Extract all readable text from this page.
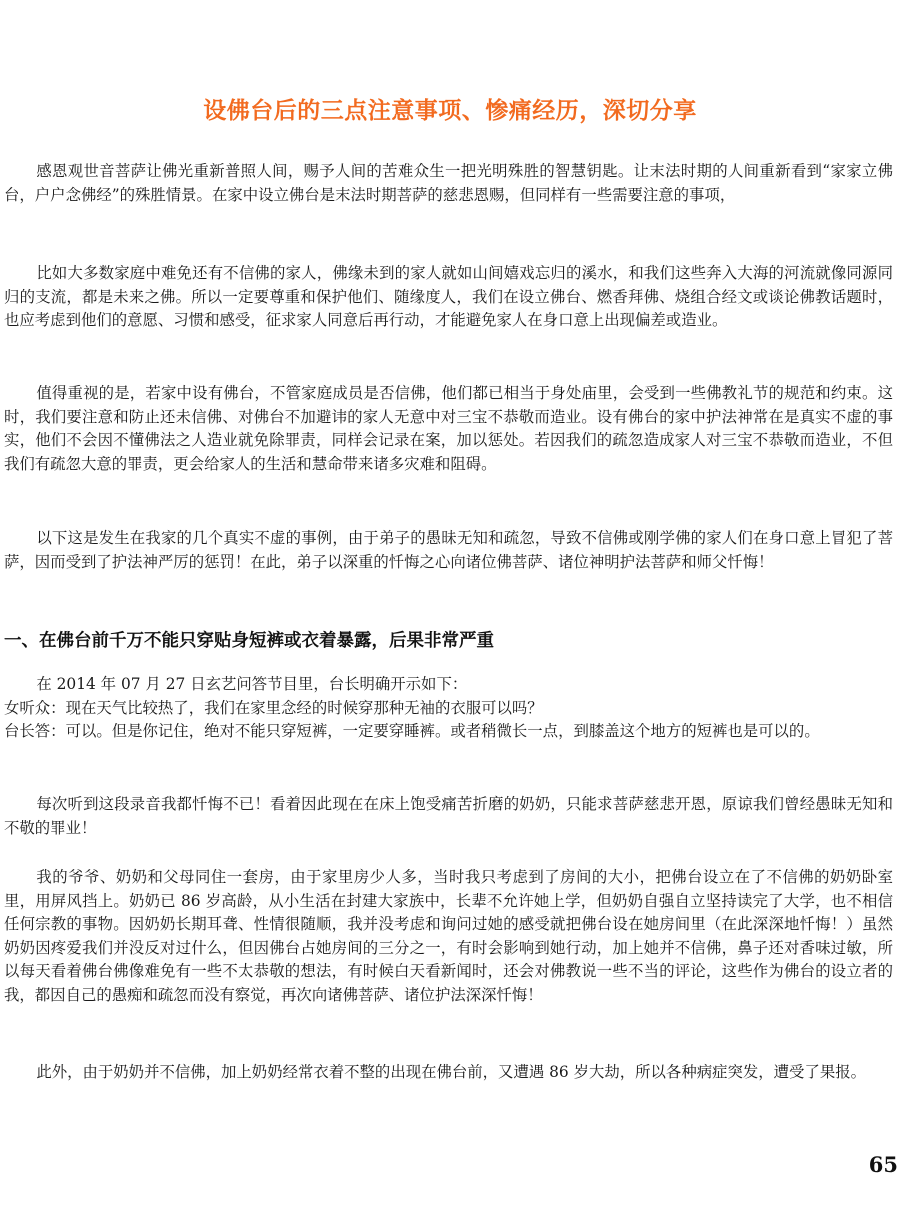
设佛台后的三点注意事项、惨痛经历，深切分享

感恩观世音菩萨让佛光重新普照人间，赐予人间的苦难众生一把光明殊胜的智慧钥匙。让末法时期的人间重新看到“家家立佛台，户户念佛经”的殊胜情景。在家中设立佛台是末法时期菩萨的慈悲恩赐，但同样有一些需要注意的事项，

比如大多数家庭中难免还有不信佛的家人，佛缘未到的家人就如山间嬉戏忘归的溪水，和我们这些奔入大海的河流就像同源同归的支流，都是未来之佛。所以一定要尊重和保护他们、随缘度人，我们在设立佛台、燃香拜佛、烧组合经文或谈论佛教话题时，也应考虑到他们的意愿、习惯和感受，征求家人同意后再行动，才能避免家人在身口意上出现偏差或造业。

值得重视的是，若家中设有佛台，不管家庭成员是否信佛，他们都已相当于身处庙里，会受到一些佛教礼节的规范和约束。这时，我们要注意和防止还未信佛、对佛台不加避讳的家人无意中对三宝不恭敬而造业。设有佛台的家中护法神常在是真实不虚的事实，他们不会因不懂佛法之人造业就免除罪责，同样会记录在案，加以惩处。若因我们的疏忽造成家人对三宝不恭敬而造业，不但我们有疏忽大意的罪责，更会给家人的生活和慧命带来诸多灾难和阻碍。

以下这是发生在我家的几个真实不虚的事例，由于弟子的愚昧无知和疏忽，导致不信佛或刚学佛的家人们在身口意上冒犯了菩萨，因而受到了护法神严厉的惩罚！在此，弟子以深重的忏悔之心向诸位佛菩萨、诸位神明护法菩萨和师父忏悔！

一、在佛台前千万不能只穿贴身短裤或衣着暴露，后果非常严重

在 2014 年 07 月 27 日玄艺问答节目里，台长明确开示如下：

女听众：现在天气比较热了，我们在家里念经的时候穿那种无袖的衣服可以吗？

台长答：可以。但是你记住，绝对不能只穿短裤，一定要穿睡裤。或者稍微长一点，到膝盖这个地方的短裤也是可以的。

每次听到这段录音我都忏悔不已！看着因此现在在床上饱受痛苦折磨的奶奶，只能求菩萨慈悲开恩，原谅我们曾经愚昧无知和不敬的罪业！

我的爷爷、奶奶和父母同住一套房，由于家里房少人多，当时我只考虑到了房间的大小，把佛台设立在了不信佛的奶奶卧室里，用屏风挡上。奶奶已 86 岁高龄，从小生活在封建大家族中，长辈不允许她上学，但奶奶自强自立坚持读完了大学，也不相信任何宗教的事物。因奶奶长期耳聋、性情很随顺，我并没考虑和询问过她的感受就把佛台设在她房间里（在此深深地忏悔！）虽然奶奶因疼爱我们并没反对过什么，但因佛台占她房间的三分之一，有时会影响到她行动，加上她并不信佛，鼻子还对香味过敏，所以每天看着佛台佛像难免有一些不太恭敬的想法，有时候白天看新闻时，还会对佛教说一些不当的评论，这些作为佛台的设立者的我，都因自己的愚痴和疏忽而没有察觉，再次向诸佛菩萨、诸位护法深深忏悔！

此外，由于奶奶并不信佛，加上奶奶经常衣着不整的出现在佛台前，又遭遇 86 岁大劫，所以各种病症突发，遭受了果报。

65
